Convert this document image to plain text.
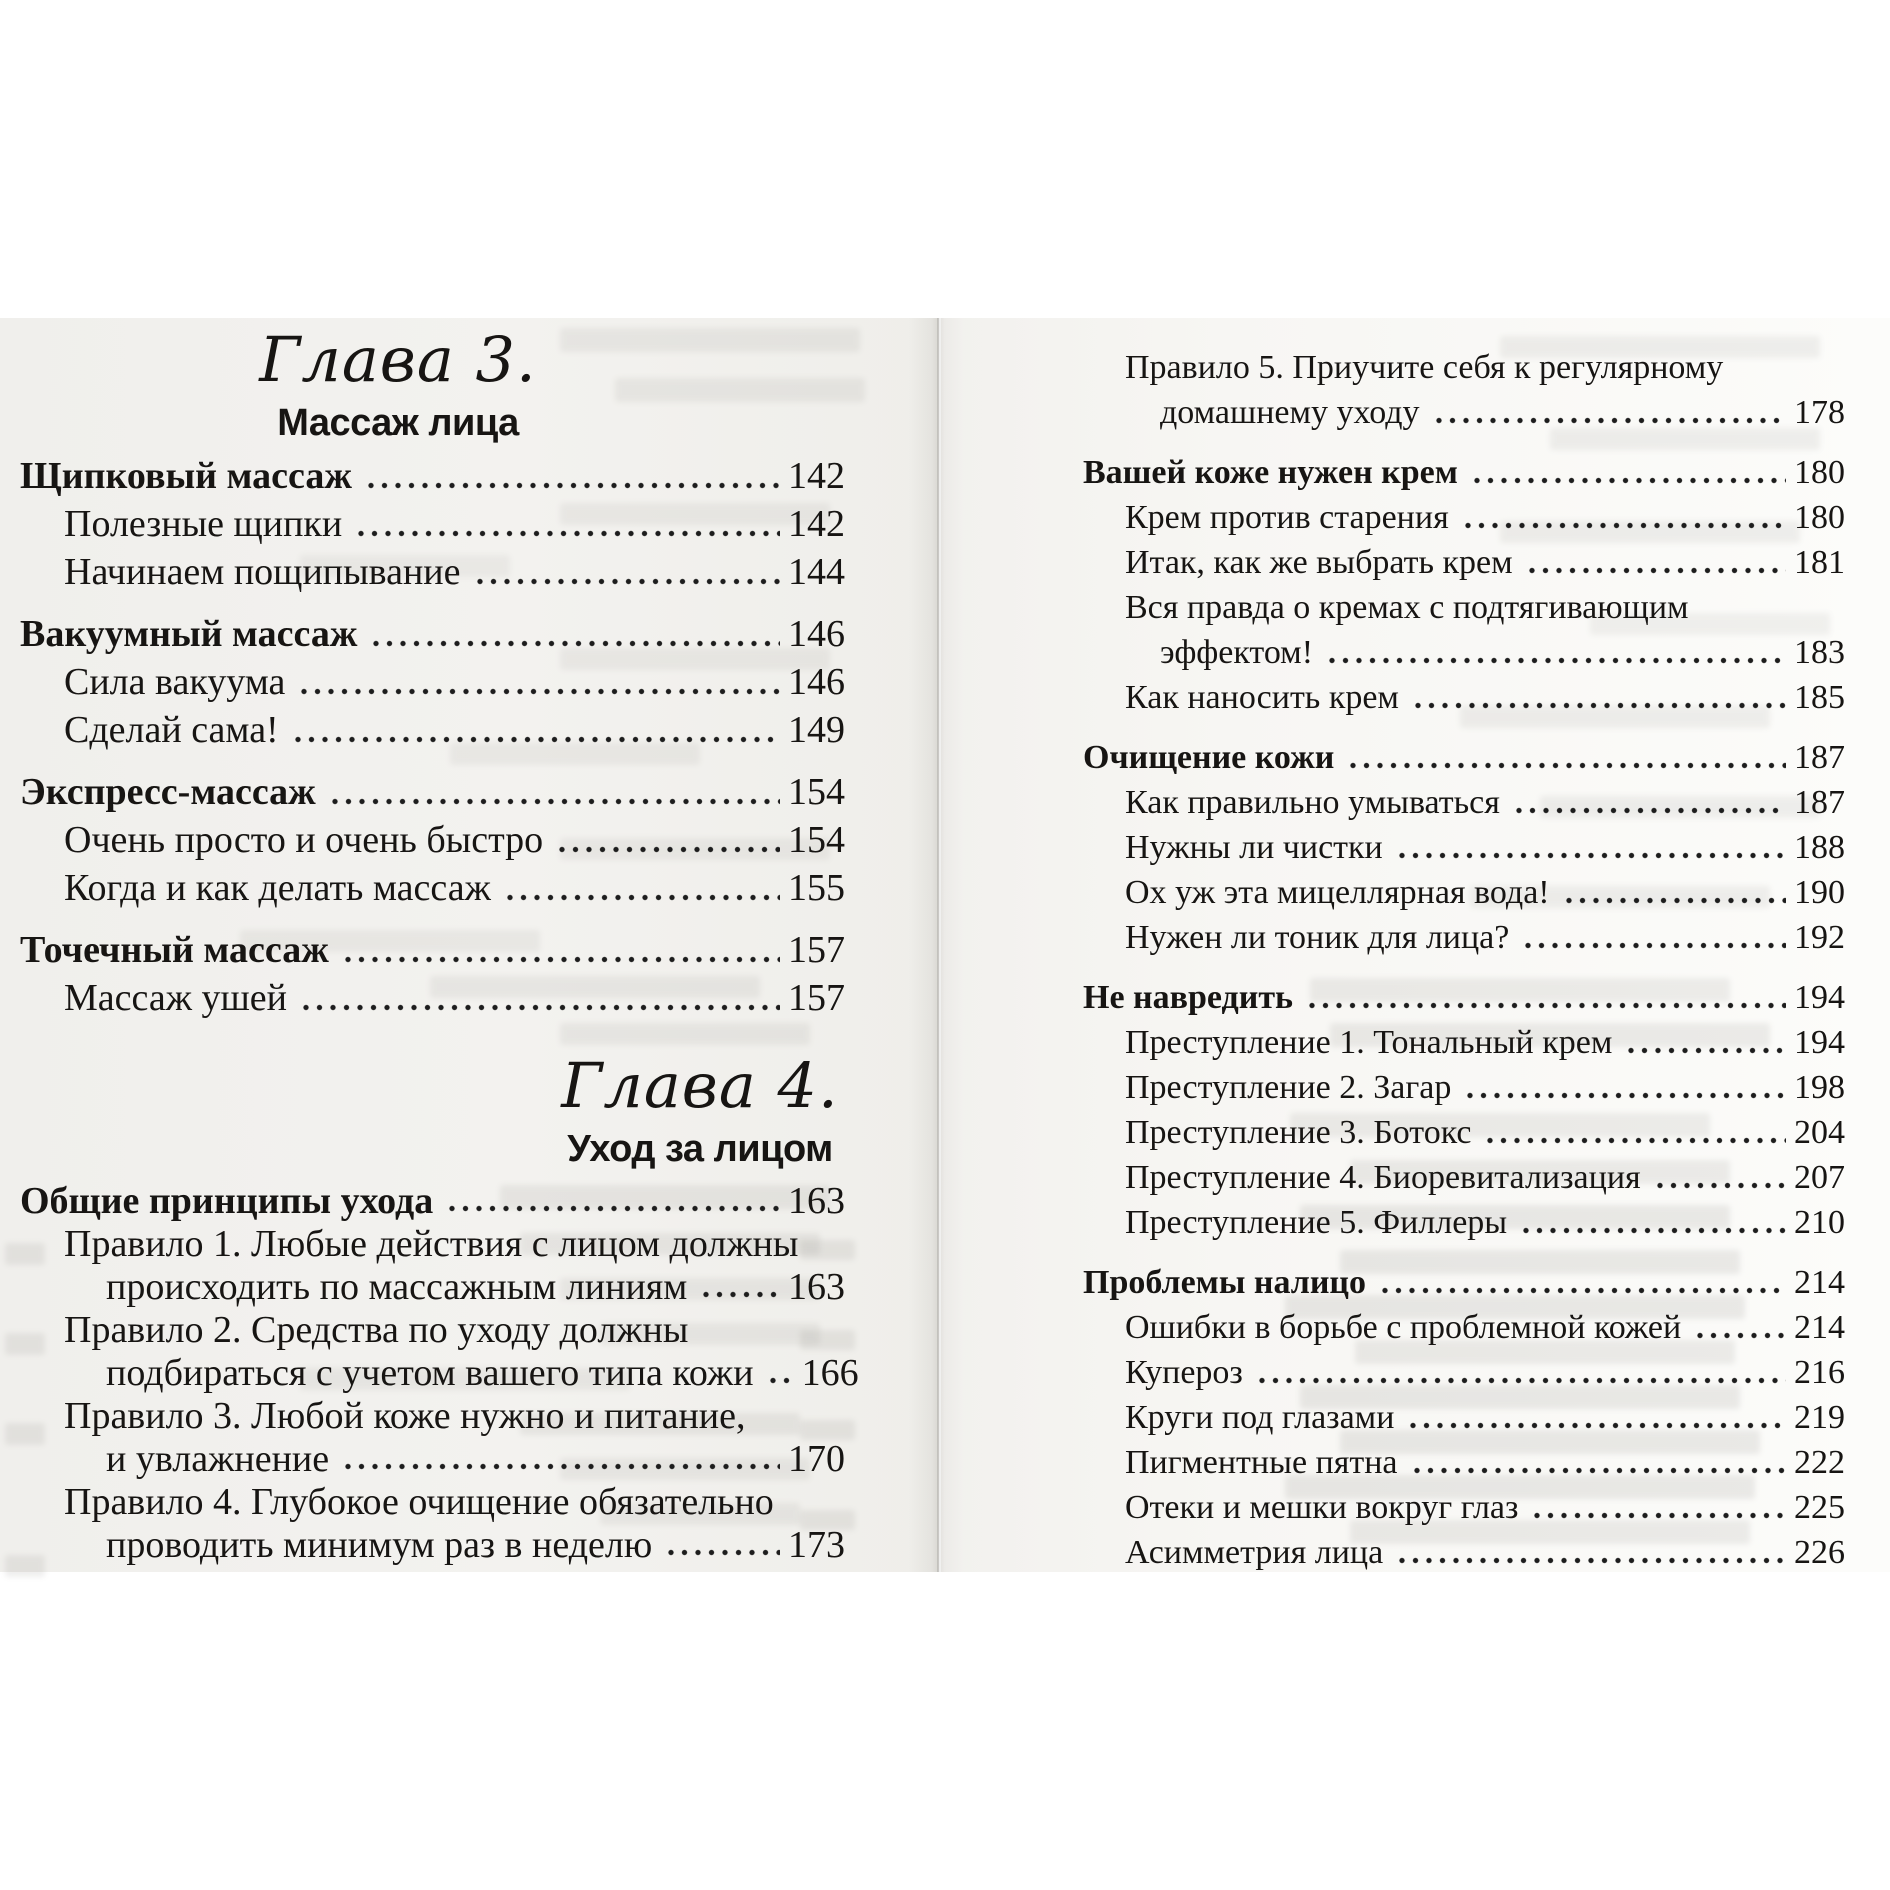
Глава 3.
Массаж лица
Щипковый массаж	142
Полезные щипки	142
Начинаем пощипывание	144
Вакуумный массаж	146
Сила вакуума	146
Сделай сама!	149
Экспресс-массаж	154
Очень просто и очень быстро	154
Когда и как делать массаж	155
Точечный массаж	157
Массаж ушей	157
Глава 4.
Уход за лицом
Общие принципы ухода	163
Правило 1. Любые действия с лицом должны
происходить по массажным линиям	163
Правило 2. Средства по уходу должны
подбираться с учетом вашего типа кожи 166
Правило 3. Любой коже нужно и питание,
и увлажнение	170
Правило 4. Глубокое очищение обязательно
проводить минимум раз в неделю	173
Правило 5. Приучите себя к регулярному
домашнему уходу	178
Вашей коже нужен крем	180
Крем против старения	180
Итак, как же выбрать крем	181
Вся правда о кремах с подтягивающим
эффектом!	183
Как наносить крем	185
Очищение кожи	187
Как правильно умываться	187
Нужны ли чистки	188
Ох уж эта мицеллярная вода!	190
Нужен ли тоник для лица?	192
Не навредить	194
Преступление 1. Тональный крем	194
Преступление 2. Загар	198
Преступление 3. Ботокс	204
Преступление 4. Биоревитализация	207
Преступление 5. Филлеры	210
Проблемы налицо	214
Ошибки в борьбе с проблемной кожей	214
Купероз	216
Круги под глазами	219
Пигментные пятна	222
Отеки и мешки вокруг глаз	225
Асимметрия лица	226
